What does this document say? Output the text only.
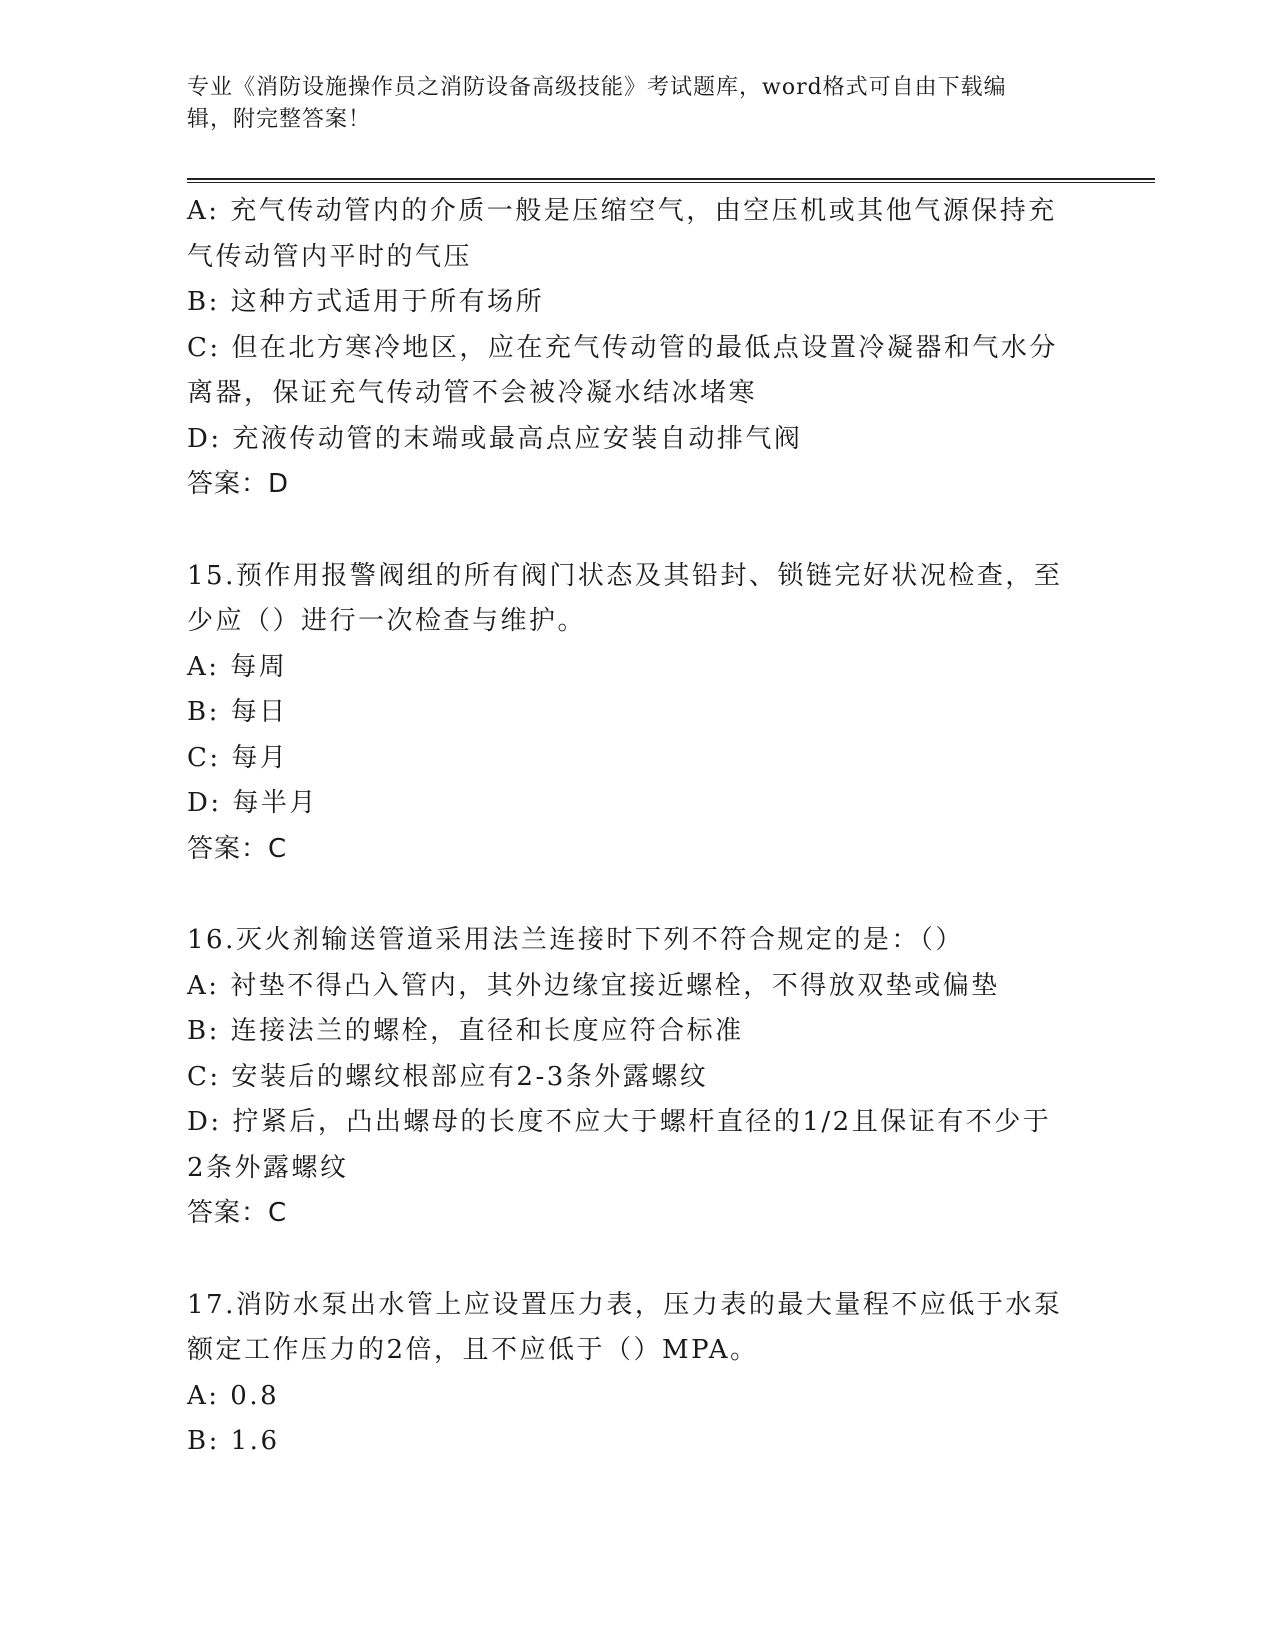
专业《消防设施操作员之消防设备高级技能》考试题库，word格式可自由下载编
辑，附完整答案！
A: 充气传动管内的介质一般是压缩空气，由空压机或其他气源保持充
气传动管内平时的气压
B: 这种方式适用于所有场所
C: 但在北方寒冷地区，应在充气传动管的最低点设置冷凝器和气水分
离器，保证充气传动管不会被冷凝水结冰堵寒
D: 充液传动管的末端或最高点应安装自动排气阀
答案：D
15.预作用报警阀组的所有阀门状态及其铅封、锁链完好状况检查，至
少应（）进行一次检查与维护。
A: 每周
B: 每日
C: 每月
D: 每半月
答案：C
16.灭火剂输送管道采用法兰连接时下列不符合规定的是：（）
A: 衬垫不得凸入管内，其外边缘宜接近螺栓，不得放双垫或偏垫
B: 连接法兰的螺栓，直径和长度应符合标准
C: 安装后的螺纹根部应有2-3条外露螺纹
D: 拧紧后，凸出螺母的长度不应大于螺杆直径的1/2且保证有不少于
2条外露螺纹
答案：C
17.消防水泵出水管上应设置压力表，压力表的最大量程不应低于水泵
额定工作压力的2倍，且不应低于（）MPA。
A: 0.8
B: 1.6
